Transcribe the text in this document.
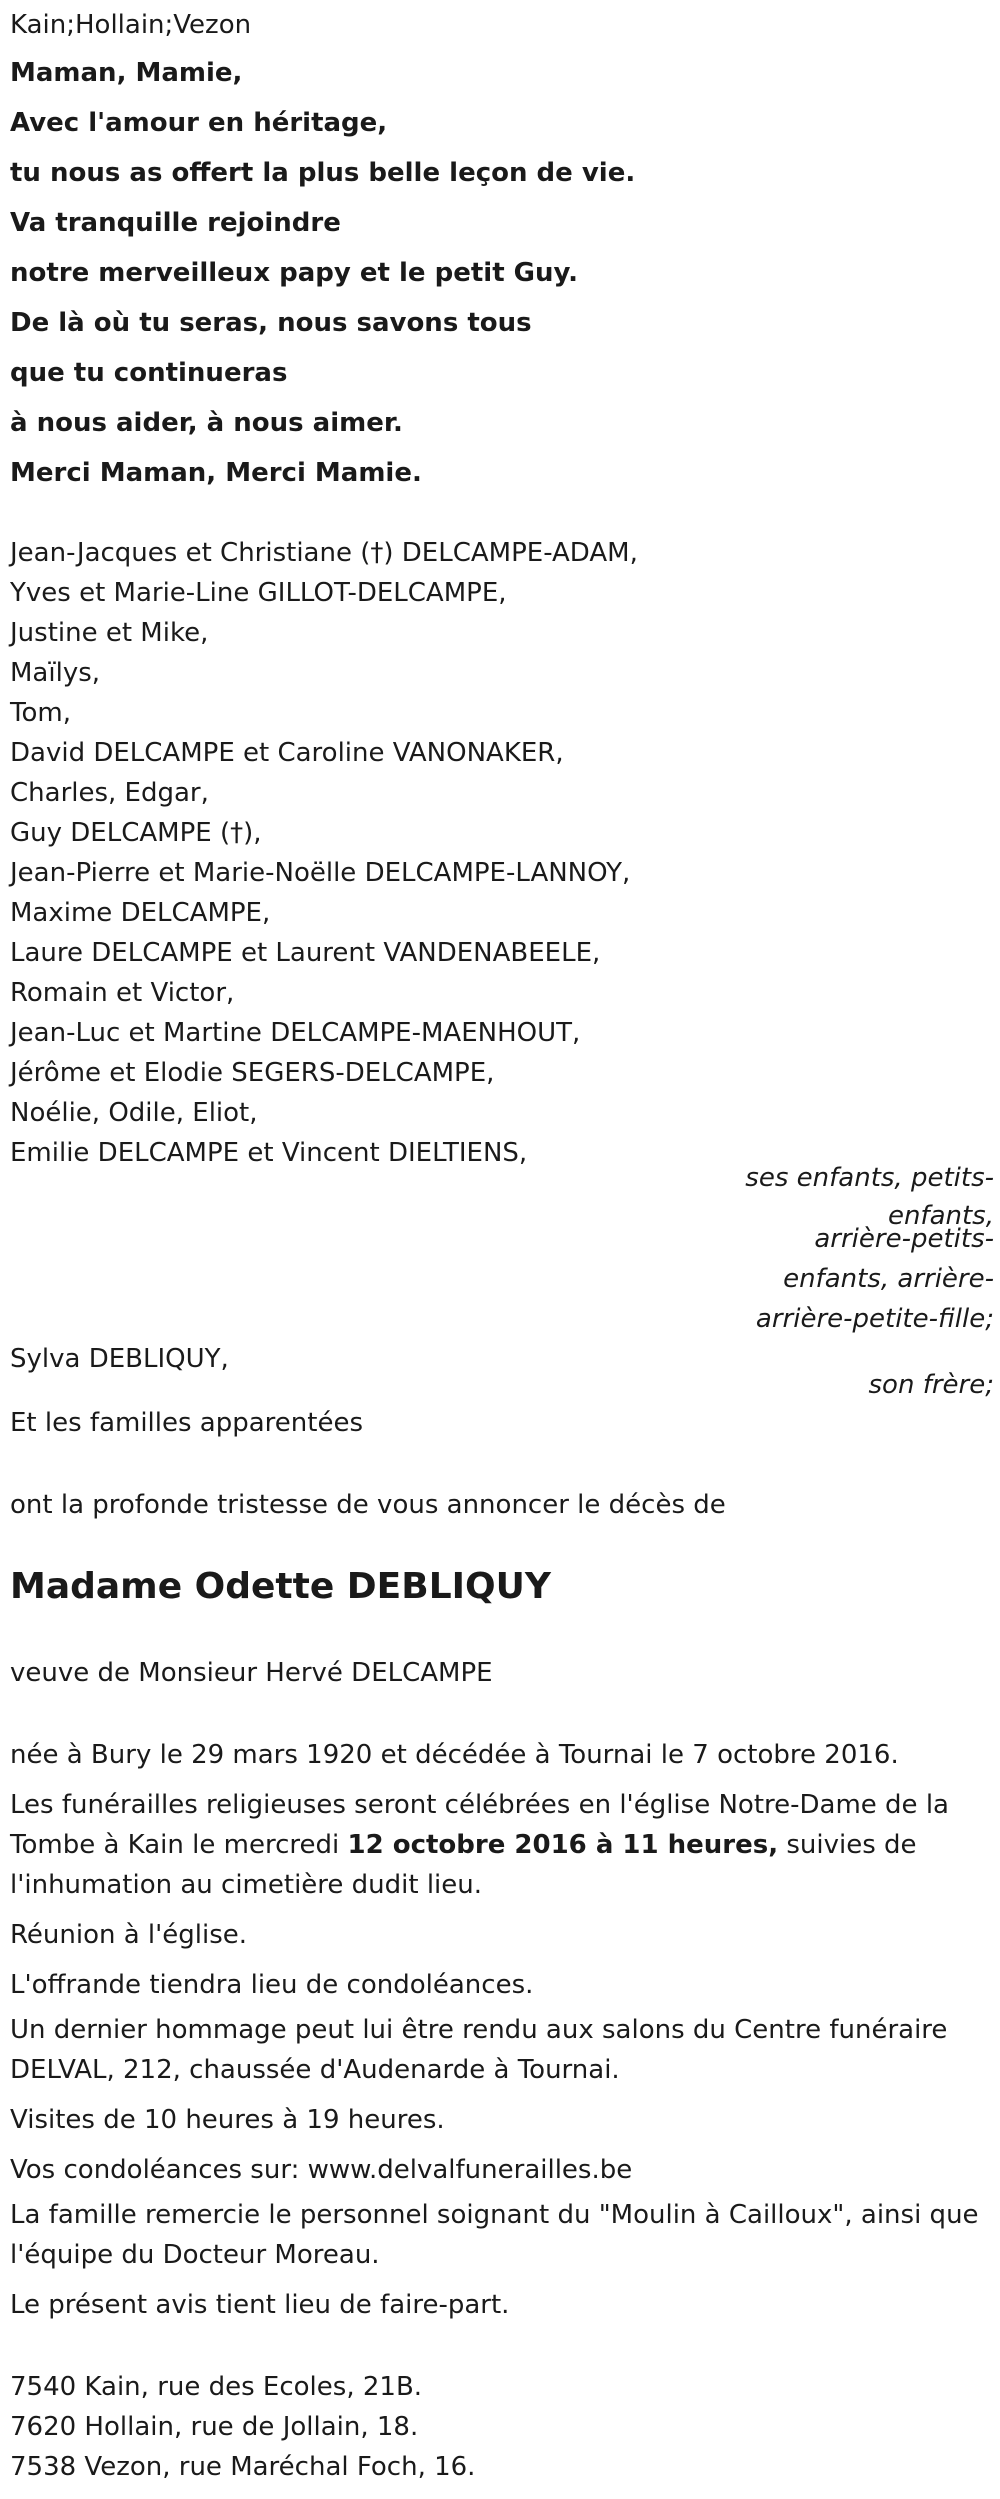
Kain;Hollain;Vezon
Maman, Mamie,
Avec l'amour en héritage,
tu nous as offert la plus belle leçon de vie.
Va tranquille rejoindre
notre merveilleux papy et le petit Guy.
De là où tu seras, nous savons tous
que tu continueras
à nous aider, à nous aimer.
Merci Maman, Merci Mamie.
Jean-Jacques et Christiane (†) DELCAMPE-ADAM,
Yves et Marie-Line GILLOT-DELCAMPE,
Justine et Mike,
Maïlys,
Tom,
David DELCAMPE et Caroline VANONAKER,
Charles, Edgar,
Guy DELCAMPE (†),
Jean-Pierre et Marie-Noëlle DELCAMPE-LANNOY,
Maxime DELCAMPE,
Laure DELCAMPE et Laurent VANDENABEELE,
Romain et Victor,
Jean-Luc et Martine DELCAMPE-MAENHOUT,
Jérôme et Elodie SEGERS-DELCAMPE,
Noélie, Odile, Eliot,
Emilie DELCAMPE et Vincent DIELTIENS,
ses enfants, petits-
enfants,
arrière-petits-
enfants, arrière-
arrière-petite-fille;
Sylva DEBLIQUY,
son frère;
Et les familles apparentées
ont la profonde tristesse de vous annoncer le décès de
Madame Odette DEBLIQUY
veuve de Monsieur Hervé DELCAMPE
née à Bury le 29 mars 1920 et décédée à Tournai le 7 octobre 2016.
Les funérailles religieuses seront célébrées en l'église Notre-Dame de la Tombe à Kain le mercredi 12 octobre 2016 à 11 heures, suivies de l'inhumation au cimetière dudit lieu.
Réunion à l'église.
L'offrande tiendra lieu de condoléances.
Un dernier hommage peut lui être rendu aux salons du Centre funéraire DELVAL, 212, chaussée d'Audenarde à Tournai.
Visites de 10 heures à 19 heures.
Vos condoléances sur: www.delvalfunerailles.be
La famille remercie le personnel soignant du "Moulin à Cailloux", ainsi que l'équipe du Docteur Moreau.
Le présent avis tient lieu de faire-part.
7540 Kain, rue des Ecoles, 21B.
7620 Hollain, rue de Jollain, 18.
7538 Vezon, rue Maréchal Foch, 16.
